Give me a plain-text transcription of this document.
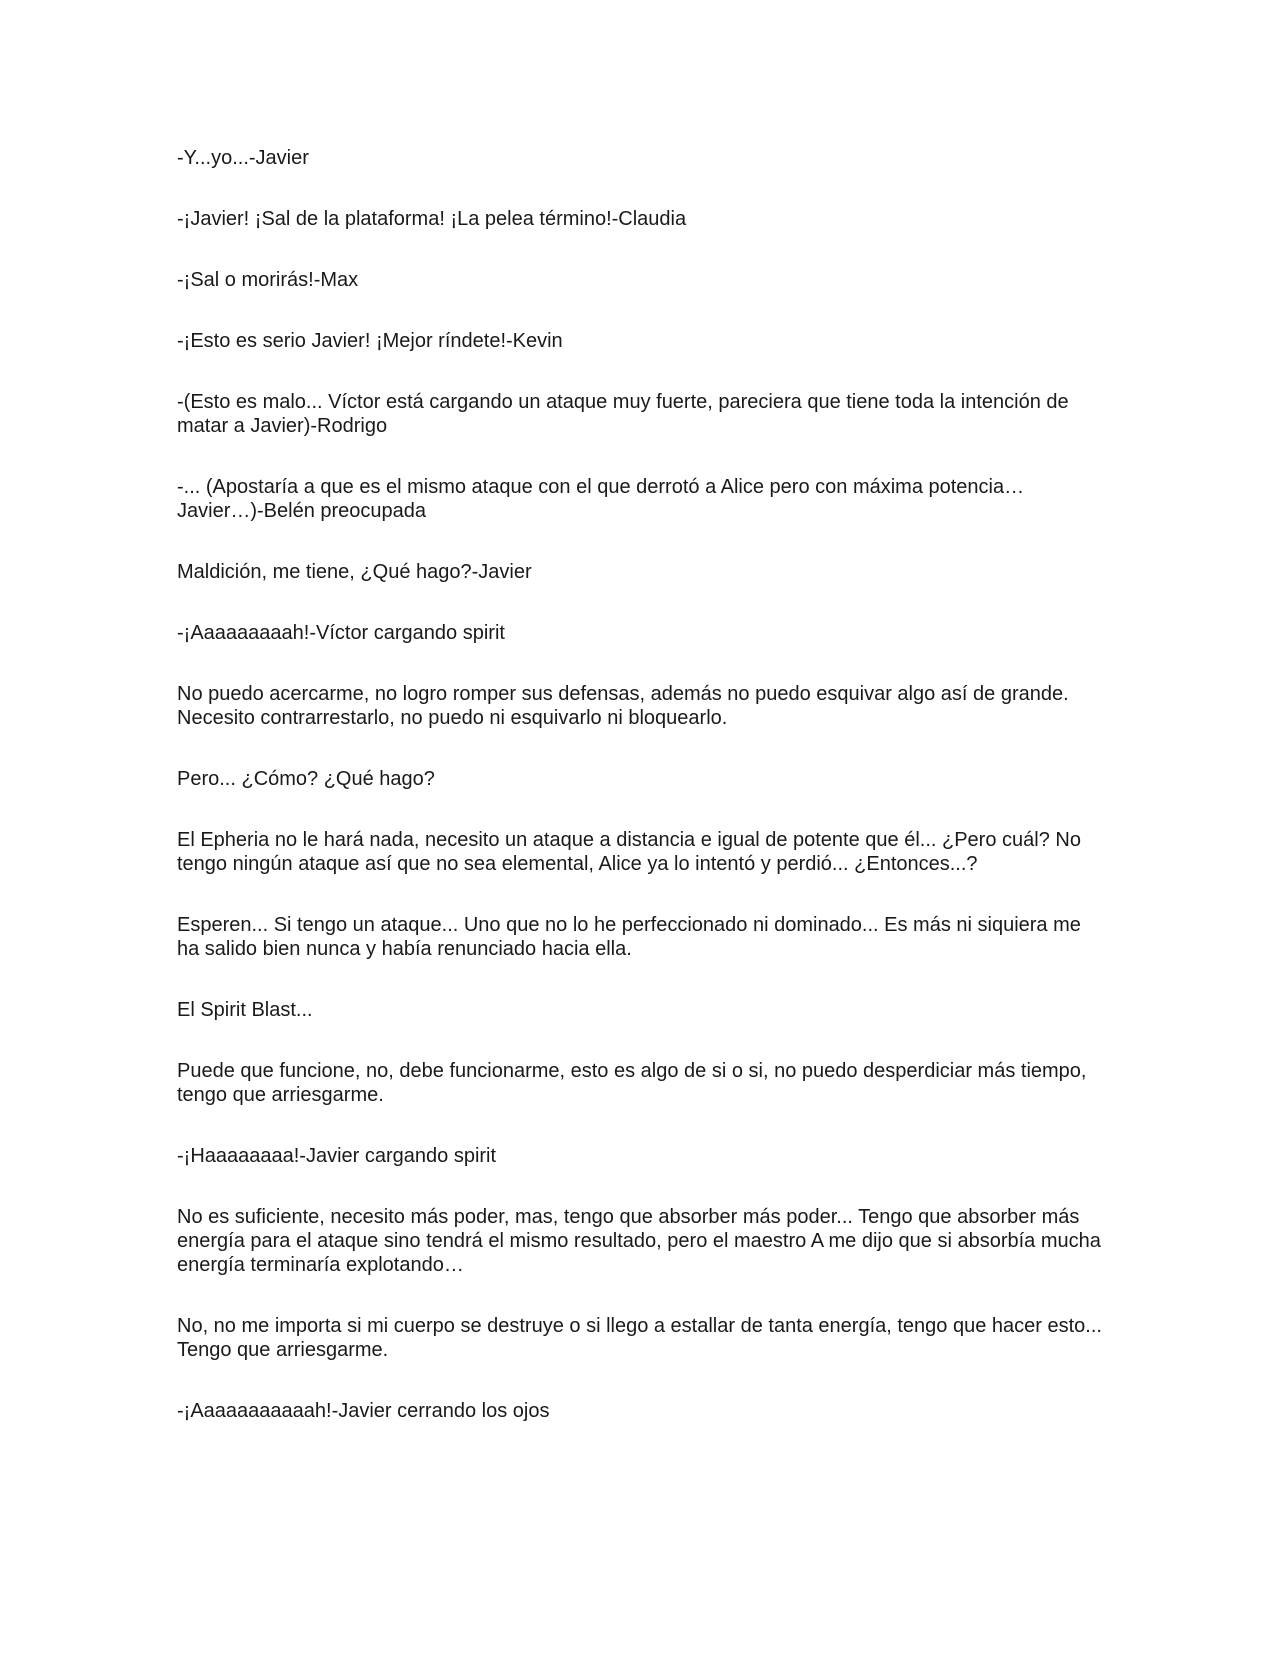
-Y...yo...-Javier

-¡Javier! ¡Sal de la plataforma! ¡La pelea término!-Claudia

-¡Sal o morirás!-Max

-¡Esto es serio Javier! ¡Mejor ríndete!-Kevin

-(Esto es malo... Víctor está cargando un ataque muy fuerte, pareciera que tiene toda la intención de matar a Javier)-Rodrigo

-... (Apostaría a que es el mismo ataque con el que derrotó a Alice pero con máxima potencia… Javier…)-Belén preocupada

Maldición, me tiene, ¿Qué hago?-Javier

-¡Aaaaaaaaah!-Víctor cargando spirit

No puedo acercarme, no logro romper sus defensas, además no puedo esquivar algo así de grande. Necesito contrarrestarlo, no puedo ni esquivarlo ni bloquearlo.

Pero... ¿Cómo? ¿Qué hago?

El Epheria no le hará nada, necesito un ataque a distancia e igual de potente que él... ¿Pero cuál? No tengo ningún ataque así que no sea elemental, Alice ya lo intentó y perdió... ¿Entonces...?

Esperen... Si tengo un ataque... Uno que no lo he perfeccionado ni dominado... Es más ni siquiera me ha salido bien nunca y había renunciado hacia ella.

El Spirit Blast...

Puede que funcione, no, debe funcionarme, esto es algo de si o si, no puedo desperdiciar más tiempo, tengo que arriesgarme.

-¡Haaaaaaaa!-Javier cargando spirit

No es suficiente, necesito más poder, mas, tengo que absorber más poder... Tengo que absorber más energía para el ataque sino tendrá el mismo resultado, pero el maestro A me dijo que si absorbía mucha energía terminaría explotando…

No, no me importa si mi cuerpo se destruye o si llego a estallar de tanta energía, tengo que hacer esto... Tengo que arriesgarme.

-¡Aaaaaaaaaaah!-Javier cerrando los ojos
